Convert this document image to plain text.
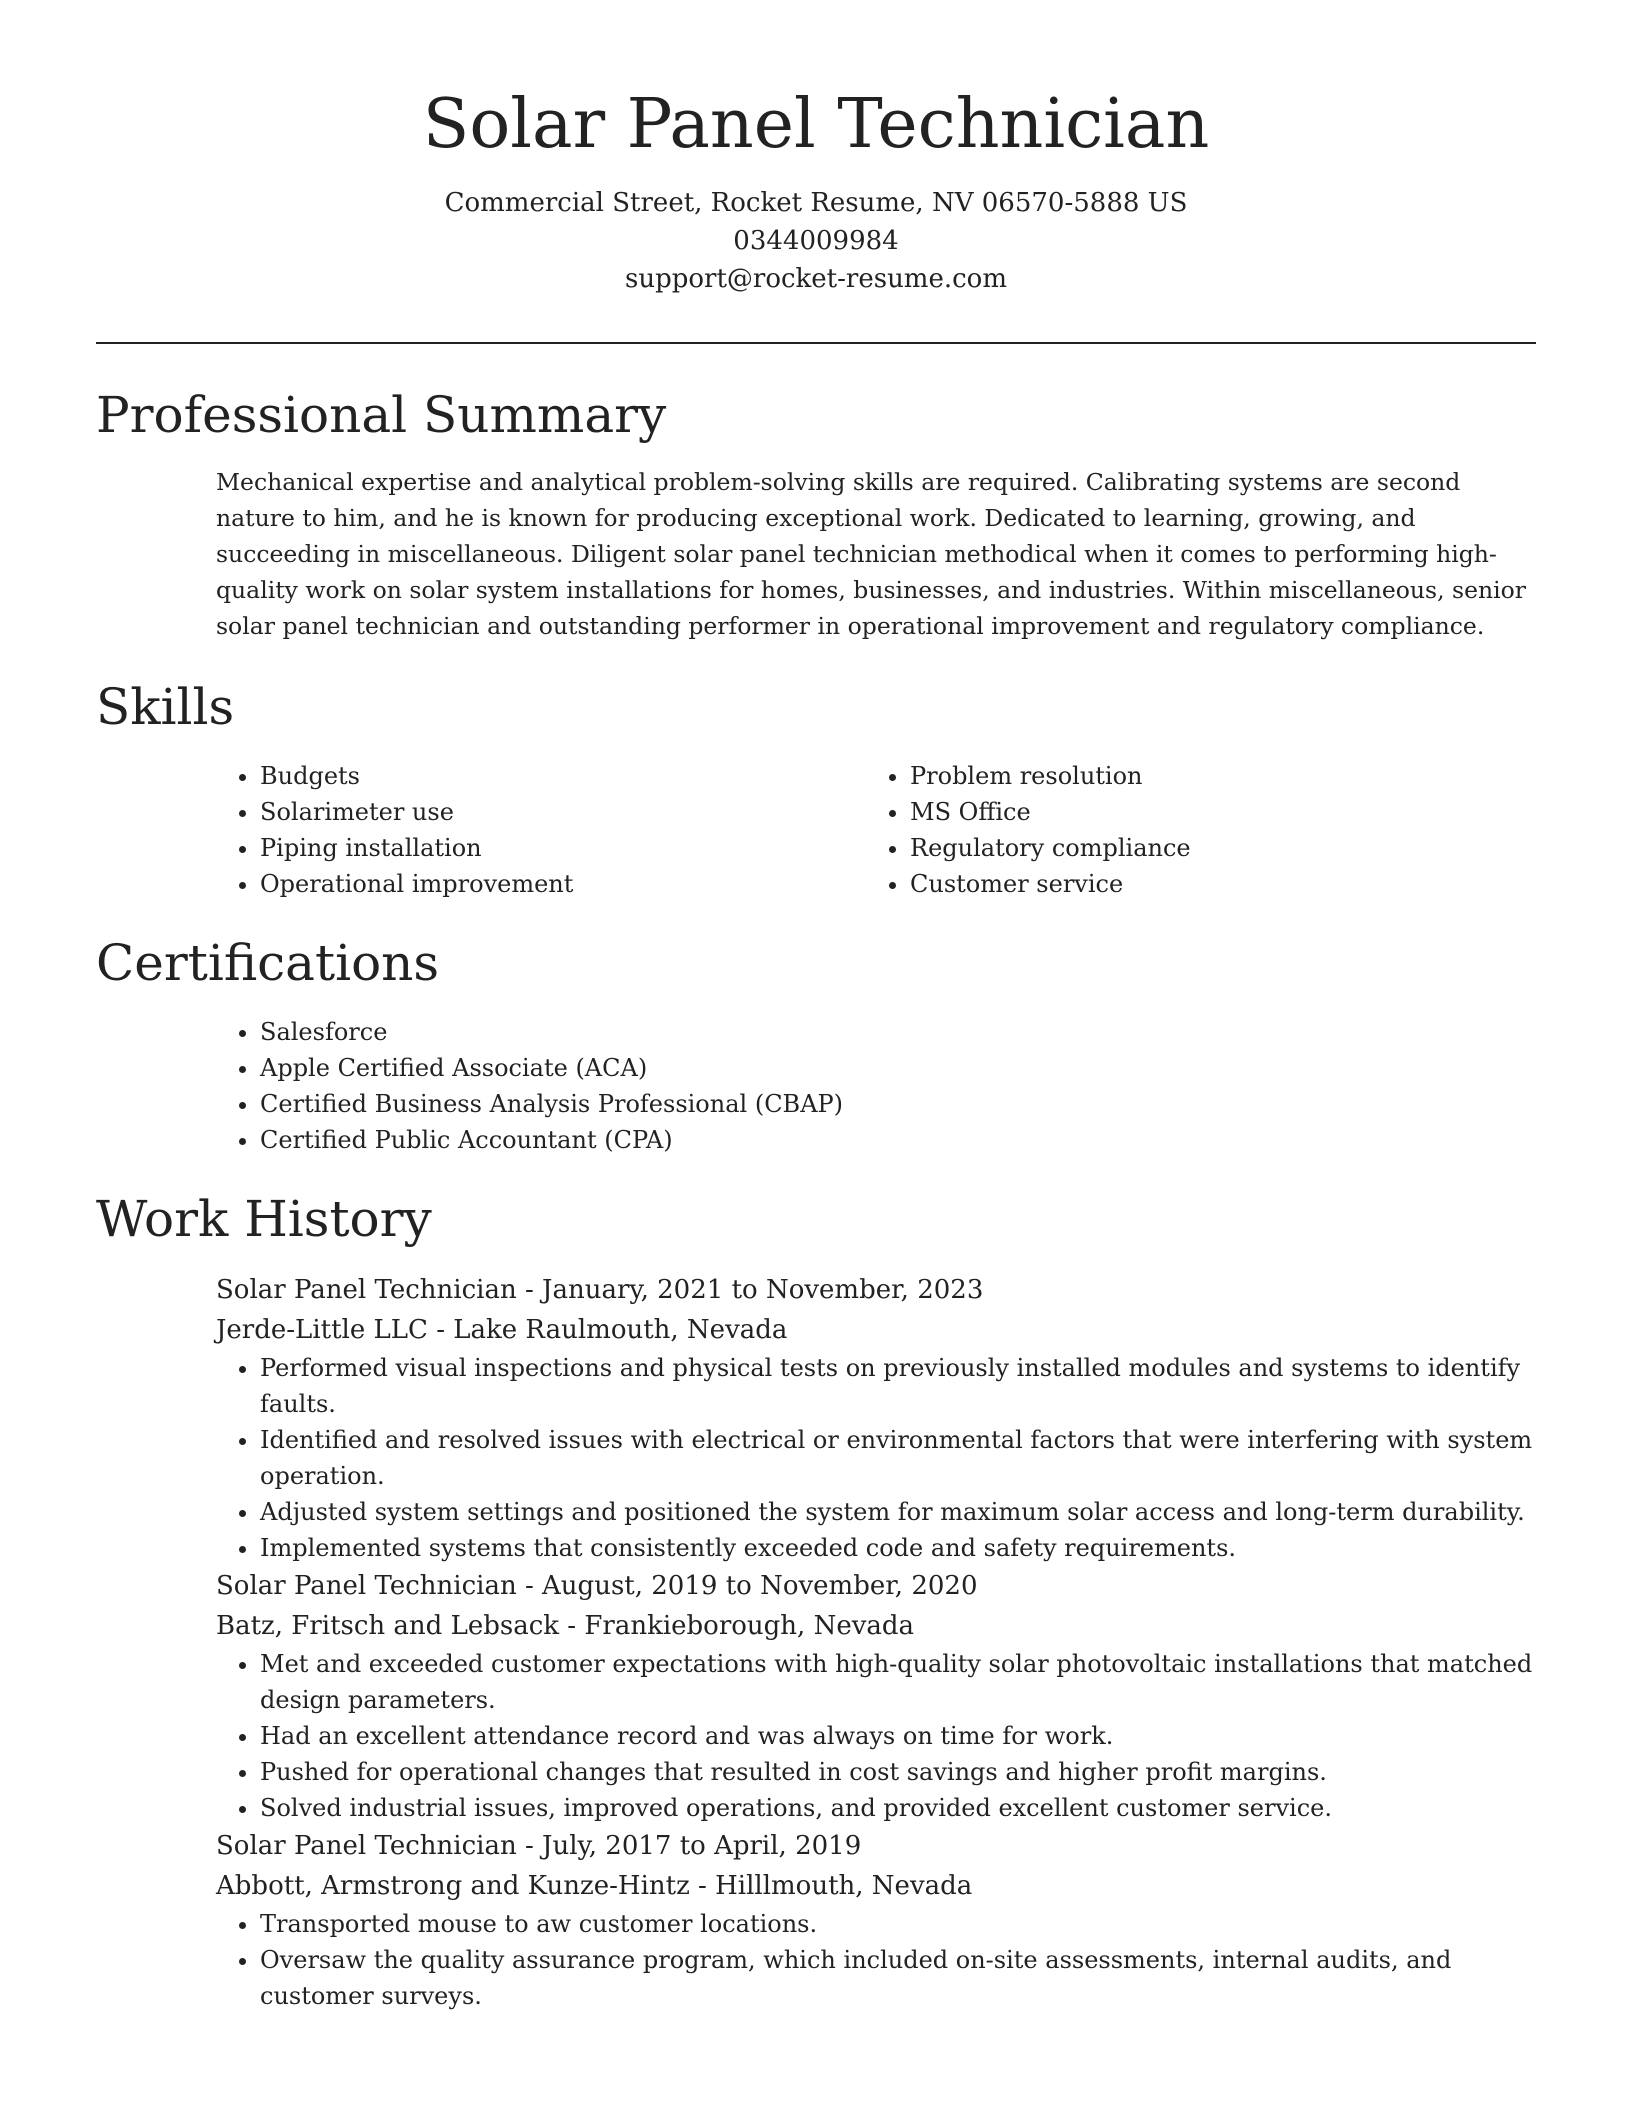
Solar Panel Technician
Commercial Street, Rocket Resume, NV 06570-5888 US
0344009984
support@rocket-resume.com
Professional Summary

Mechanical expertise and analytical problem-solving skills are required. Calibrating systems are second nature to him, and he is known for producing exceptional work. Dedicated to learning, growing, and succeeding in miscellaneous. Diligent solar panel technician methodical when it comes to performing high-quality work on solar system installations for homes, businesses, and industries. Within miscellaneous, senior solar panel technician and outstanding performer in operational improvement and regulatory compliance.

Skills
• Budgets
• Solarimeter use
• Piping installation
• Operational improvement
• Problem resolution
• MS Office
• Regulatory compliance
• Customer service
Certifications
• Salesforce
• Apple Certified Associate (ACA)
• Certified Business Analysis Professional (CBAP)
• Certified Public Accountant (CPA)
Work History
Solar Panel Technician - January, 2021 to November, 2023
Jerde-Little LLC - Lake Raulmouth, Nevada
• Performed visual inspections and physical tests on previously installed modules and systems to identify faults.
• Identified and resolved issues with electrical or environmental factors that were interfering with system operation.
• Adjusted system settings and positioned the system for maximum solar access and long-term durability.
• Implemented systems that consistently exceeded code and safety requirements.
Solar Panel Technician - August, 2019 to November, 2020
Batz, Fritsch and Lebsack - Frankieborough, Nevada
• Met and exceeded customer expectations with high-quality solar photovoltaic installations that matched design parameters.
• Had an excellent attendance record and was always on time for work.
• Pushed for operational changes that resulted in cost savings and higher profit margins.
• Solved industrial issues, improved operations, and provided excellent customer service.
Solar Panel Technician - July, 2017 to April, 2019
Abbott, Armstrong and Kunze-Hintz - Hilllmouth, Nevada
• Transported mouse to aw customer locations.
• Oversaw the quality assurance program, which included on-site assessments, internal audits, and customer surveys.
